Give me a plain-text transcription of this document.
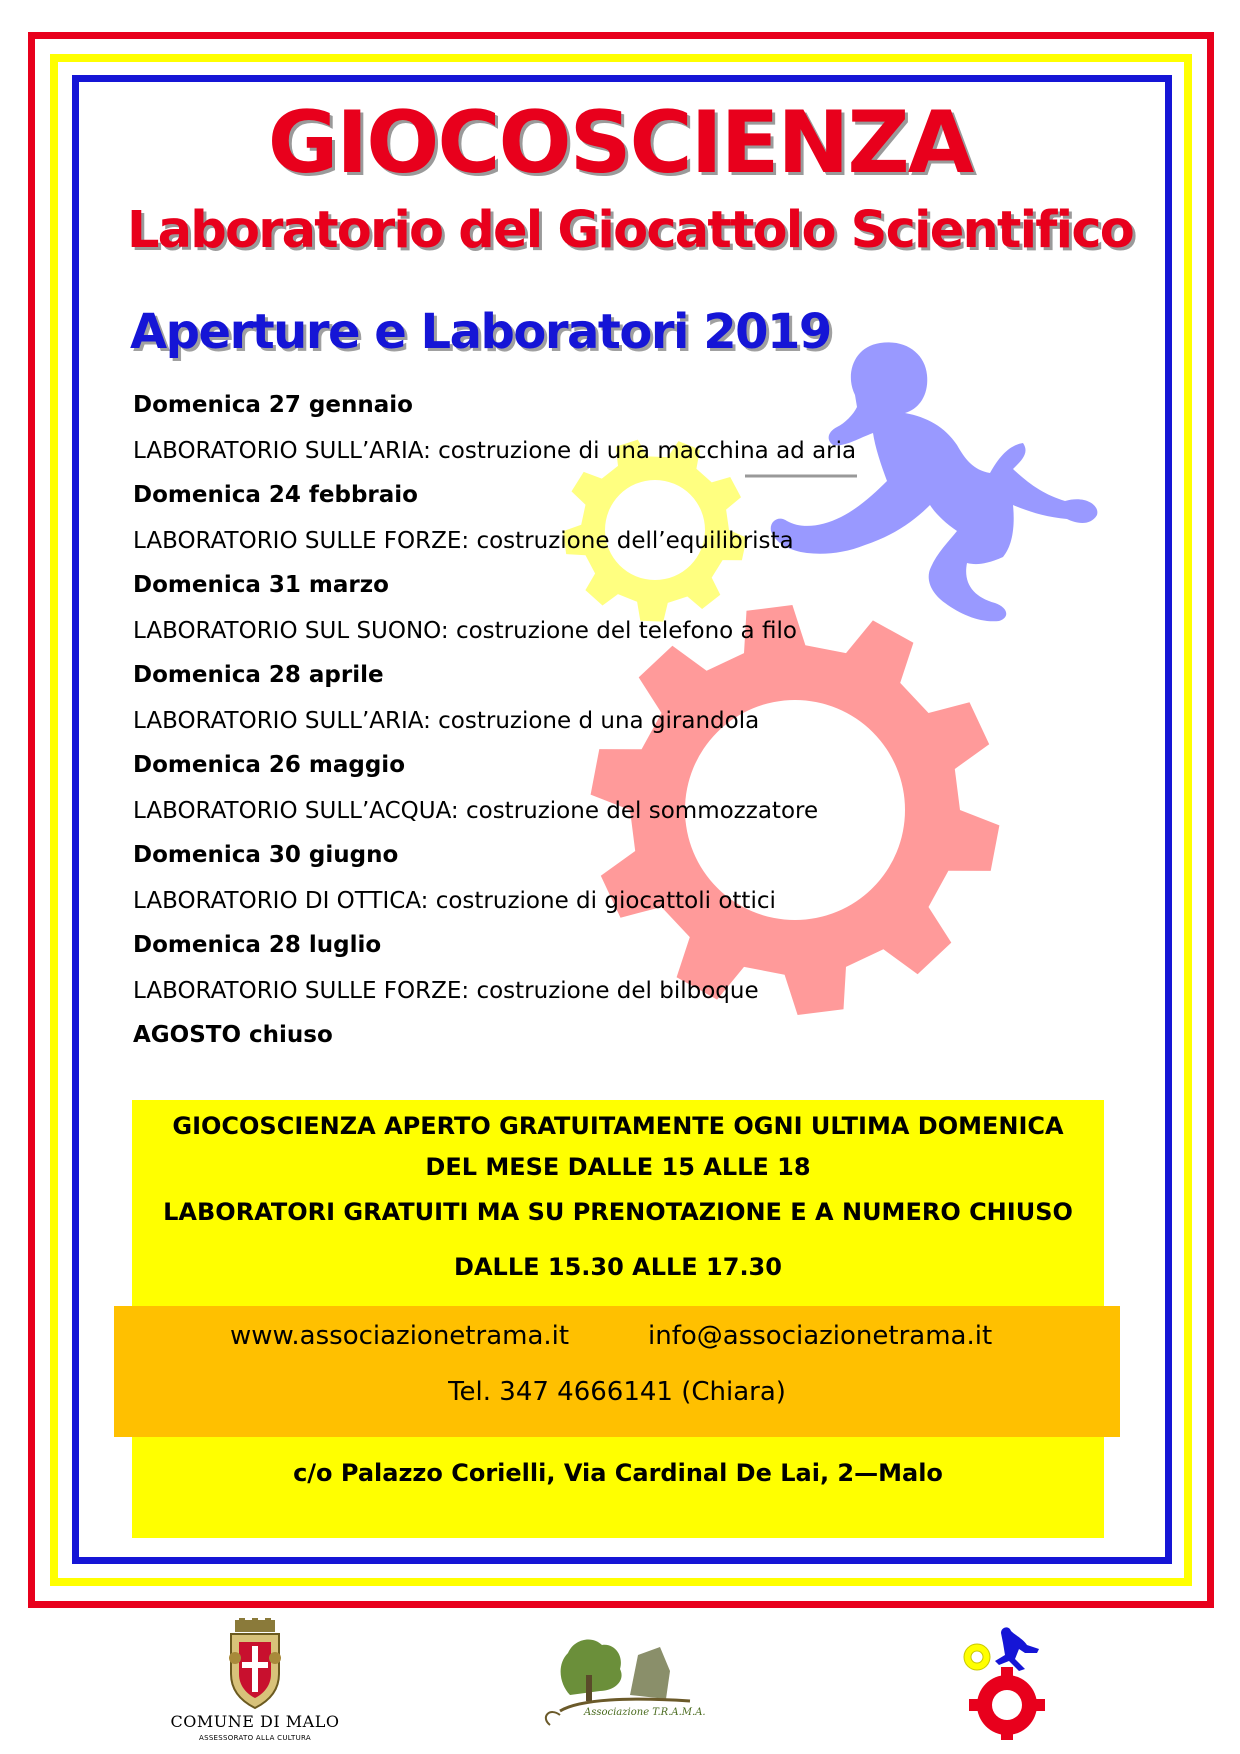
GIOCOSCIENZA
Laboratorio del Giocattolo Scientifico
Aperture e Laboratori 2019
Domenica 27 gennaio
LABORATORIO SULL’ARIA: costruzione di una macchina ad aria
Domenica 24 febbraio
LABORATORIO SULLE FORZE: costruzione dell’equilibrista
Domenica 31 marzo
LABORATORIO SUL SUONO: costruzione del telefono a filo
Domenica 28 aprile
LABORATORIO SULL’ARIA: costruzione d una girandola
Domenica 26 maggio
LABORATORIO SULL’ACQUA: costruzione del sommozzatore
Domenica 30 giugno
LABORATORIO DI OTTICA: costruzione di giocattoli ottici
Domenica 28 luglio
LABORATORIO SULLE FORZE: costruzione del bilboque
AGOSTO chiuso
GIOCOSCIENZA APERTO GRATUITAMENTE OGNI ULTIMA DOMENICA
DEL MESE DALLE 15 ALLE 18
LABORATORI GRATUITI MA SU PRENOTAZIONE E A NUMERO CHIUSO
DALLE 15.30 ALLE 17.30
www.associazionetrama.it	info@associazionetrama.it
Tel. 347 4666141 (Chiara)
c/o Palazzo Corielli, Via Cardinal De Lai, 2—Malo
COMUNE DI MALO
ASSESSORATO ALLA CULTURA
Associazione T.R.A.M.A.
